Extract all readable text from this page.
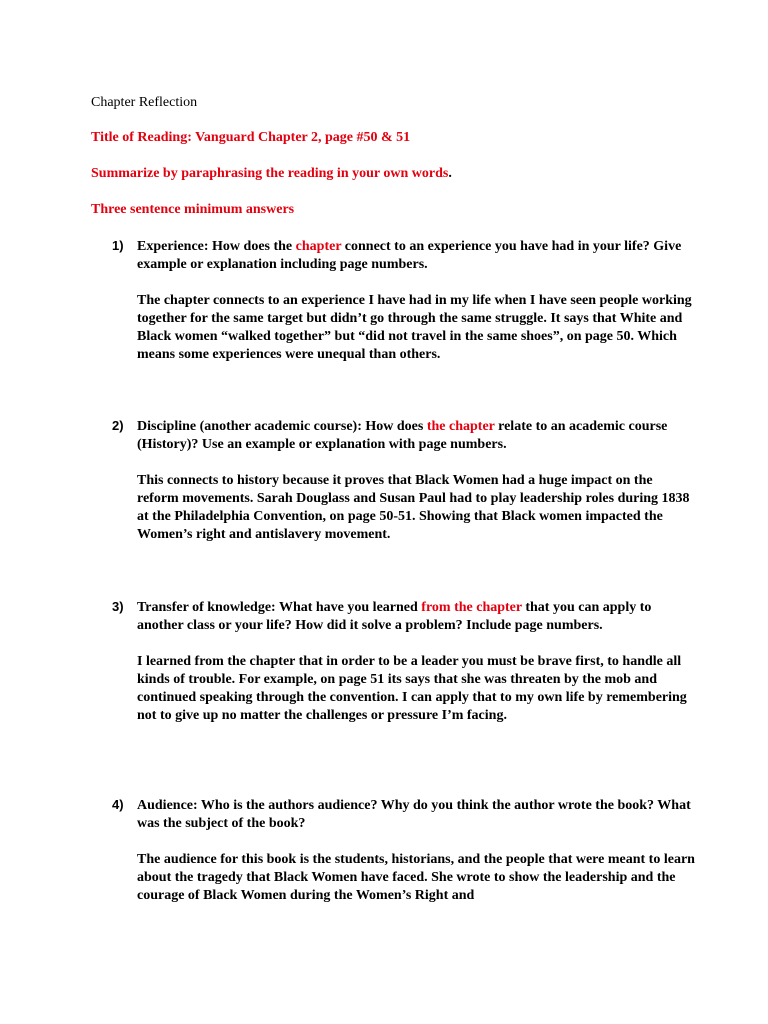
Chapter Reflection

Title of Reading: Vanguard Chapter 2, page #50 & 51

Summarize by paraphrasing the reading in your own words.

Three sentence minimum answers

1) Experience: How does the chapter connect to an experience you have had in your life? Give example or explanation including page numbers.

The chapter connects to an experience I have had in my life when I have seen people working together for the same target but didn’t go through the same struggle. It says that White and Black women “walked together” but “did not travel in the same shoes”, on page 50. Which means some experiences were unequal than others.

2) Discipline (another academic course): How does the chapter relate to an academic course (History)? Use an example or explanation with page numbers.

This connects to history because it proves that Black Women had a huge impact on the reform movements. Sarah Douglass and Susan Paul had to play leadership roles during 1838 at the Philadelphia Convention, on page 50-51. Showing that Black women impacted the Women’s right and antislavery movement.

3) Transfer of knowledge: What have you learned from the chapter that you can apply to another class or your life? How did it solve a problem? Include page numbers.

I learned from the chapter that in order to be a leader you must be brave first, to handle all kinds of trouble. For example, on page 51 its says that she was threaten by the mob and continued speaking through the convention. I can apply that to my own life by remembering not to give up no matter the challenges or pressure I’m facing.

4) Audience: Who is the authors audience? Why do you think the author wrote the book? What was the subject of the book?

The audience for this book is the students, historians, and the people that were meant to learn about the tragedy that Black Women have faced. She wrote to show the leadership and the courage of Black Women during the Women’s Right and
